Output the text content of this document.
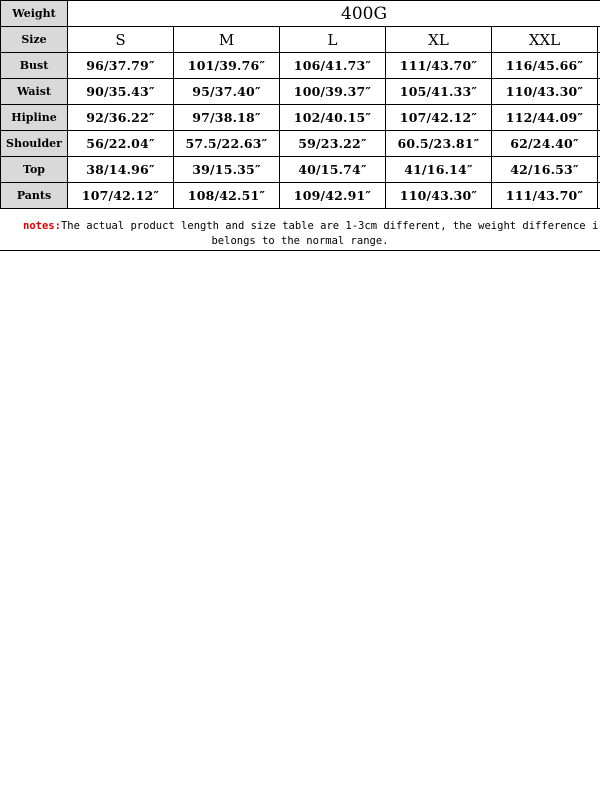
Weight	400G					
Size	S	M	L	XL	XXL	
Bust	96/37.79″	101/39.76″	106/41.73″	111/43.70″	116/45.66″	
Waist	90/35.43″	95/37.40″	100/39.37″	105/41.33″	110/43.30″	
Hipline	92/36.22″	97/38.18″	102/40.15″	107/42.12″	112/44.09″	
Shoulder	56/22.04″	57.5/22.63″	59/23.22″	60.5/23.81″	62/24.40″	
Top	38/14.96″	39/15.35″	40/15.74″	41/16.14″	42/16.53″	
Pants	107/42.12″	108/42.51″	109/42.91″	110/43.30″	111/43.70″	
notes:The actual product length and size table are 1-3cm different, the weight difference i
belongs to the normal range.
